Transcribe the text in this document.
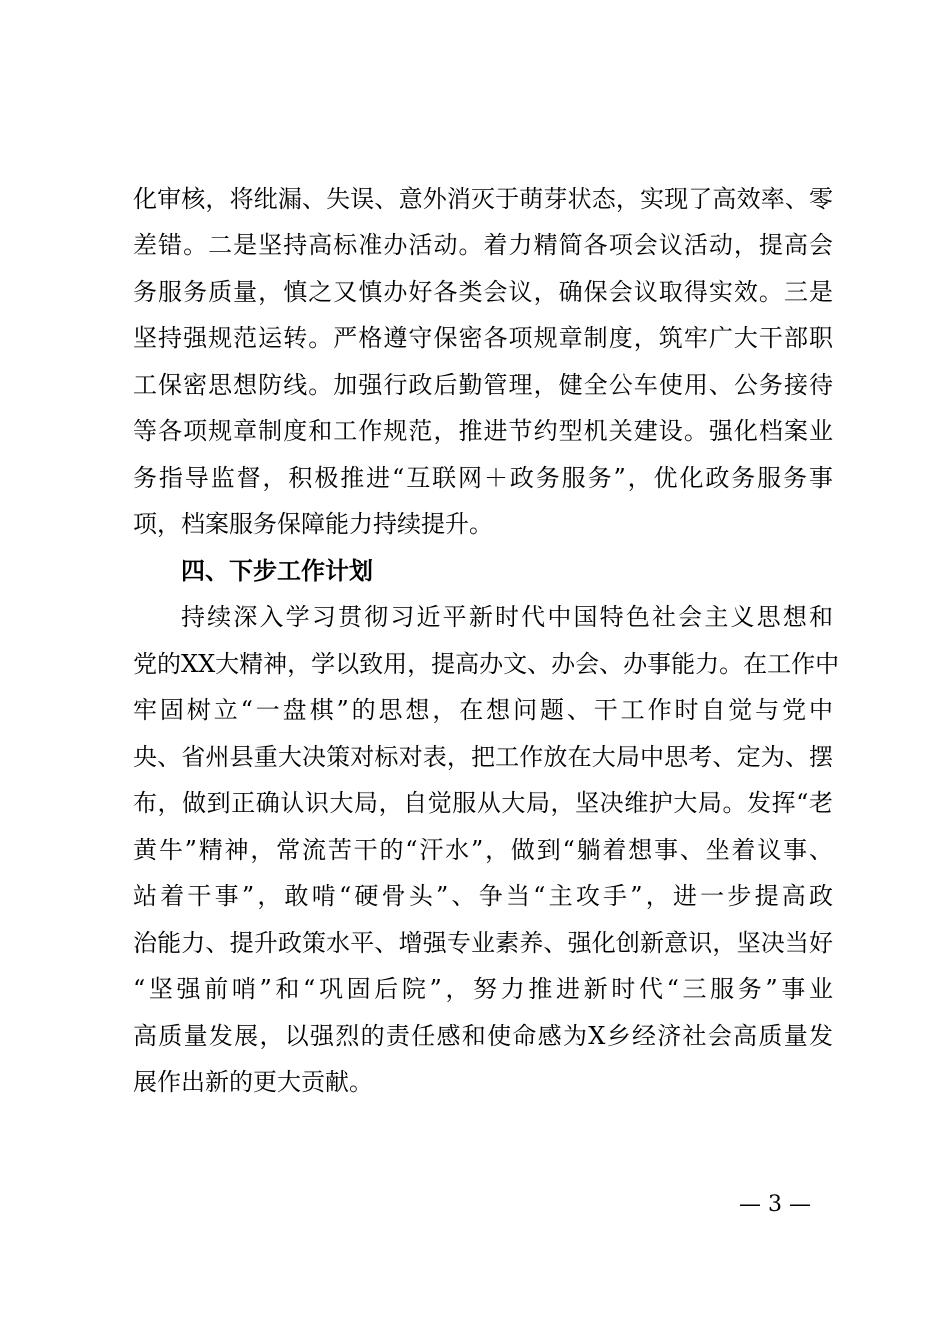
化审核，将纰漏、失误、意外消灭于萌芽状态，实现了高效率、零

差错。二是坚持高标准办活动。着力精简各项会议活动，提高会

务服务质量，慎之又慎办好各类会议，确保会议取得实效。三是

坚持强规范运转。严格遵守保密各项规章制度，筑牢广大干部职

工保密思想防线。加强行政后勤管理，健全公车使用、公务接待

等各项规章制度和工作规范，推进节约型机关建设。强化档案业

务指导监督，积极推进“互联网＋政务服务”，优化政务服务事

项，档案服务保障能力持续提升。

四、下步工作计划

持续深入学习贯彻习近平新时代中国特色社会主义思想和

党的XX大精神，学以致用，提高办文、办会、办事能力。在工作中

牢固树立“一盘棋”的思想，在想问题、干工作时自觉与党中

央、省州县重大决策对标对表，把工作放在大局中思考、定为、摆

布，做到正确认识大局，自觉服从大局，坚决维护大局。发挥“老

黄牛”精神，常流苦干的“汗水”，做到“躺着想事、坐着议事、

站着干事”，敢啃“硬骨头”、争当“主攻手”，进一步提高政

治能力、提升政策水平、增强专业素养、强化创新意识，坚决当好

“坚强前哨”和“巩固后院”，努力推进新时代“三服务”事业

高质量发展，以强烈的责任感和使命感为X乡经济社会高质量发

展作出新的更大贡献。

— 3 —
